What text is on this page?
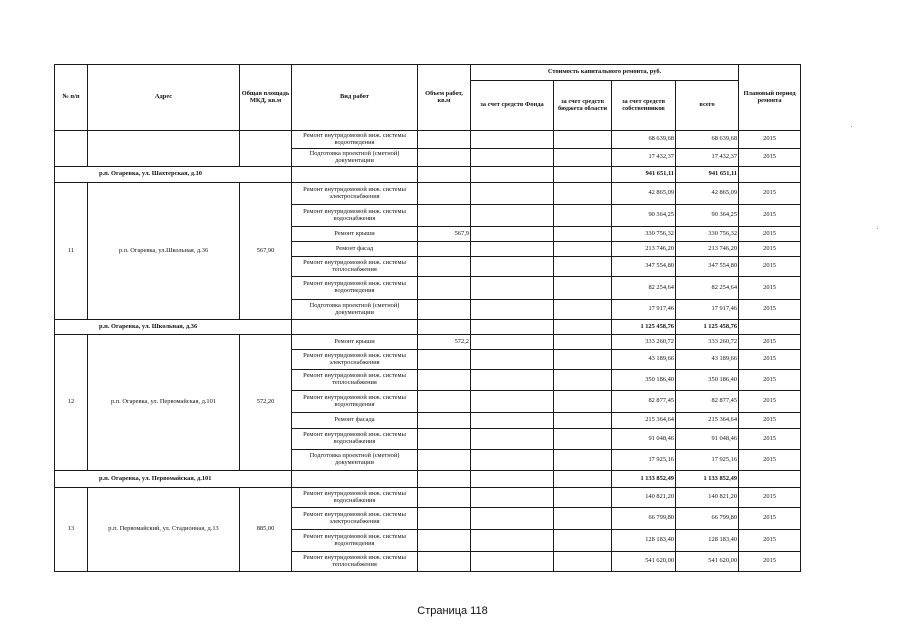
№ п/п	Адрес	Общая площадь МКД, кв.м	Вид работ	Объем работ, кв.м	Стоимость капитального ремонта, руб.				Плановый период ремонта
					за счет средств Фонда	за счет средств бюджета области	за счет средств собственников	всего	
			Ремонт внутридомовой инж. системы водоотведения				68 639,68	68 639,68	2015
			Подготовка проектной (сметной) документации				17 432,37	17 432,37	2015
р.п. Огаревка, ул. Шахтерская, д.10							941 651,11	941 651,11	
11	р.п. Огаревка, ул.Школьная, д.36	567,90	Ремонт внутридомовой инж. системы электроснабжения				42 865,09	42 865,09	2015
			Ремонт внутридомовой инж. системы водоснабжения				90 364,25	90 364,25	2015
			Ремонт крыши	567,9			330 756,32	330 756,32	2015
			Ремонт фасад				213 746,20	213 746,20	2015
			Ремонт внутридомовой инж. системы теплоснабжения				347 554,80	347 554,80	2015
			Ремонт внутридомовой инж. системы водоотведения				82 254,64	82 254,64	2015
			Подготовка проектной (сметной) документации				17 917,46	17 917,46	2015
р.п. Огаревка, ул. Школьная, д.36							1 125 458,76	1 125 458,76	
12	р.п. Огаревка, ул. Первомайская, д.101	572,20	Ремонт крыши	572,2			333 260,72	333 260,72	2015
			Ремонт внутридомовой инж. системы электроснабжения				43 189,66	43 189,66	2015
			Ремонт внутридомовой инж. системы теплоснабжения				350 186,40	350 186,40	2015
			Ремонт внутридомовой инж. системы водоотведения				82 877,45	82 877,45	2015
			Ремонт фасада				215 364,64	215 364,64	2015
			Ремонт внутридомовой инж. системы водоснабжения				91 048,46	91 048,46	2015
			Подготовка проектной (сметной) документации				17 925,16	17 925,16	2015
р.п. Огаревка, ул. Первомайская, д.101							1 133 852,49	1 133 852,49	
13	р.п. Первомайский, ул. Стадионная, д.13	885,00	Ремонт внутридомовой инж. системы водоснабжения				140 821,20	140 821,20	2015
			Ремонт внутридомовой инж. системы электроснабжения				66 799,80	66 799,80	2015
			Ремонт внутридомовой инж. системы водоотведения				128 183,40	128 183,40	2015
			Ремонт внутридомовой инж. системы теплоснабжения				541 620,00	541 620,00	2015
Страница 118
